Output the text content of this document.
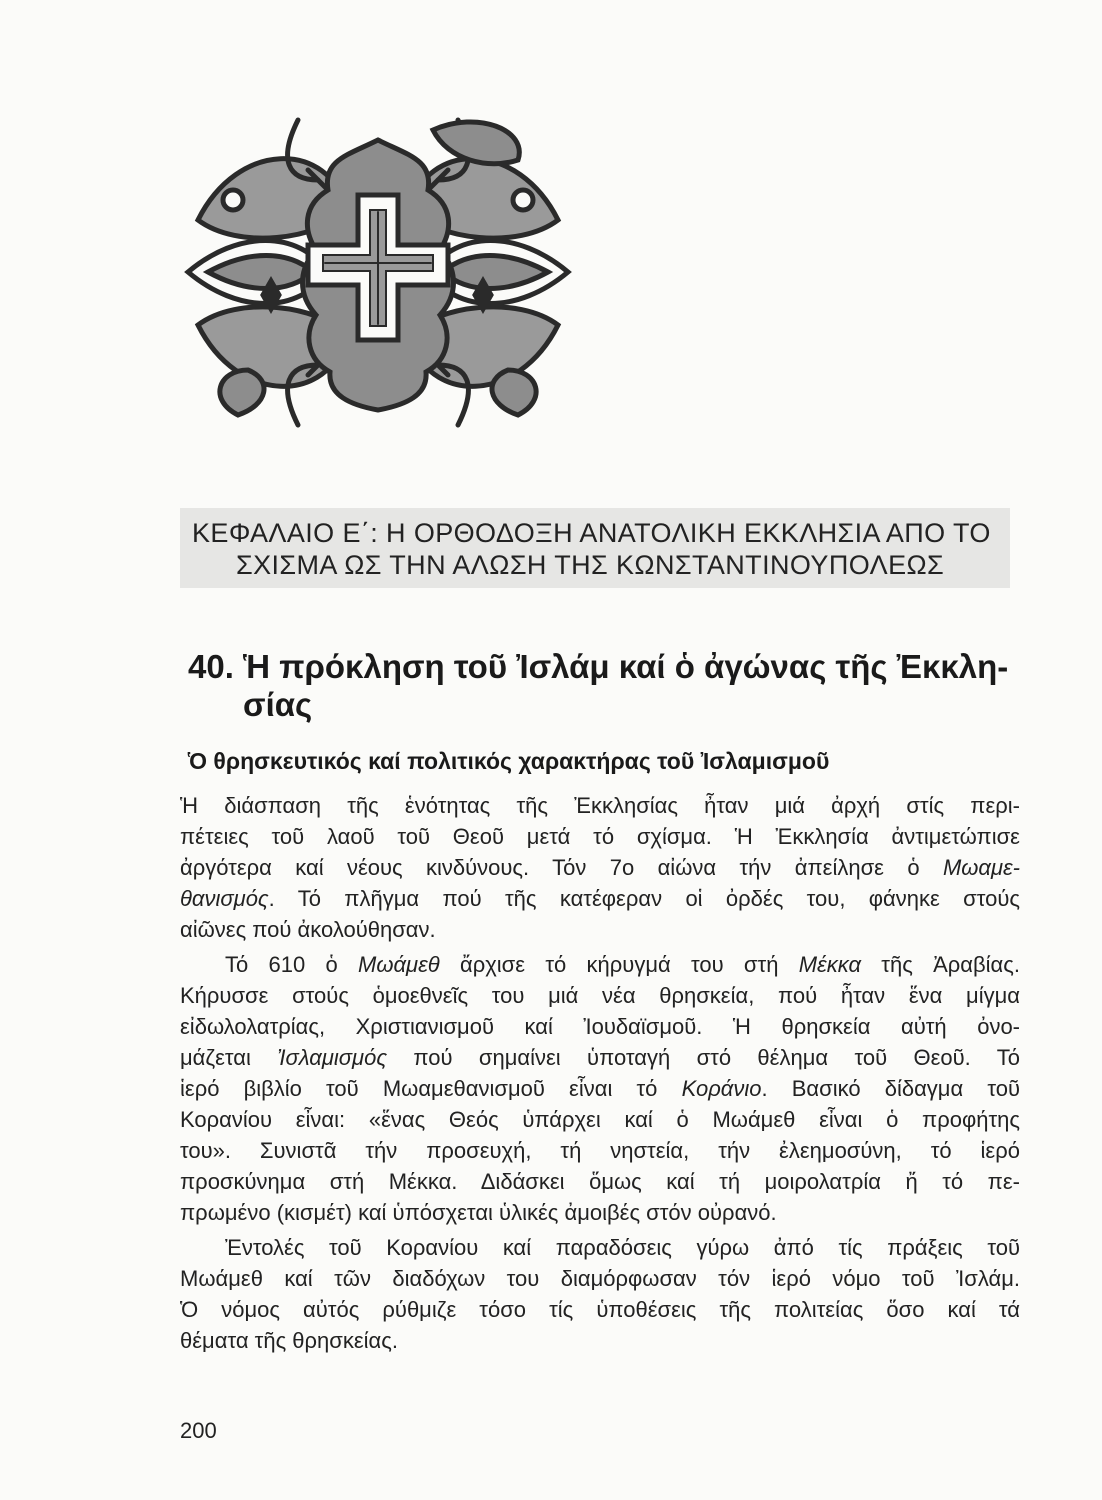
ΚΕΦΑΛΑΙΟ Ε΄: Η ΟΡΘΟΔΟΞΗ ΑΝΑΤΟΛΙΚΗ ΕΚΚΛΗΣΙΑ ΑΠΟ ΤΟ
ΣΧΙΣΜΑ ΩΣ ΤΗΝ ΑΛΩΣΗ ΤΗΣ ΚΩΝΣΤΑΝΤΙΝΟΥΠΟΛΕΩΣ
40. Ἡ πρόκληση τοῦ Ἰσλάμ καί ὁ ἀγώνας τῆς Ἐκκλη-
σίας
Ὁ θρησκευτικός καί πολιτικός χαρακτήρας τοῦ Ἰσλαμισμοῦ
Ἡ διάσπαση τῆς ἑνότητας τῆς Ἐκκλησίας ἦταν μιά ἀρχή στίς περι-
πέτειες τοῦ λαοῦ τοῦ Θεοῦ μετά τό σχίσμα. Ἡ Ἐκκλησία ἀντιμετώπισε
ἀργότερα καί νέους κινδύνους. Τόν 7ο αἰώνα τήν ἀπείλησε ὁ Μωαμε-
θανισμός. Τό πλῆγμα πού τῆς κατέφεραν οἱ ὀρδές του, φάνηκε στούς
αἰῶνες πού ἀκολούθησαν.
Τό 610 ὁ Μωάμεθ ἄρχισε τό κήρυγμά του στή Μέκκα τῆς Ἀραβίας.
Κήρυσσε στούς ὁμοεθνεῖς του μιά νέα θρησκεία, πού ἦταν ἕνα μίγμα
εἰδωλολατρίας, Χριστιανισμοῦ καί Ἰουδαϊσμοῦ. Ἡ θρησκεία αὐτή ὀνο-
μάζεται Ἰσλαμισμός πού σημαίνει ὑποταγή στό θέλημα τοῦ Θεοῦ. Τό
ἱερό βιβλίο τοῦ Μωαμεθανισμοῦ εἶναι τό Κοράνιο. Βασικό δίδαγμα τοῦ
Κορανίου εἶναι: «ἕνας Θεός ὑπάρχει καί ὁ Μωάμεθ εἶναι ὁ προφήτης
του». Συνιστᾶ τήν προσευχή, τή νηστεία, τήν ἐλεημοσύνη, τό ἱερό
προσκύνημα στή Μέκκα. Διδάσκει ὅμως καί τή μοιρολατρία ἤ τό πε-
πρωμένο (κισμέτ) καί ὑπόσχεται ὑλικές ἀμοιβές στόν οὐρανό.
Ἐντολές τοῦ Κορανίου καί παραδόσεις γύρω ἀπό τίς πράξεις τοῦ
Μωάμεθ καί τῶν διαδόχων του διαμόρφωσαν τόν ἱερό νόμο τοῦ Ἰσλάμ.
Ὁ νόμος αὐτός ρύθμιζε τόσο τίς ὑποθέσεις τῆς πολιτείας ὅσο καί τά
θέματα τῆς θρησκείας.
200
